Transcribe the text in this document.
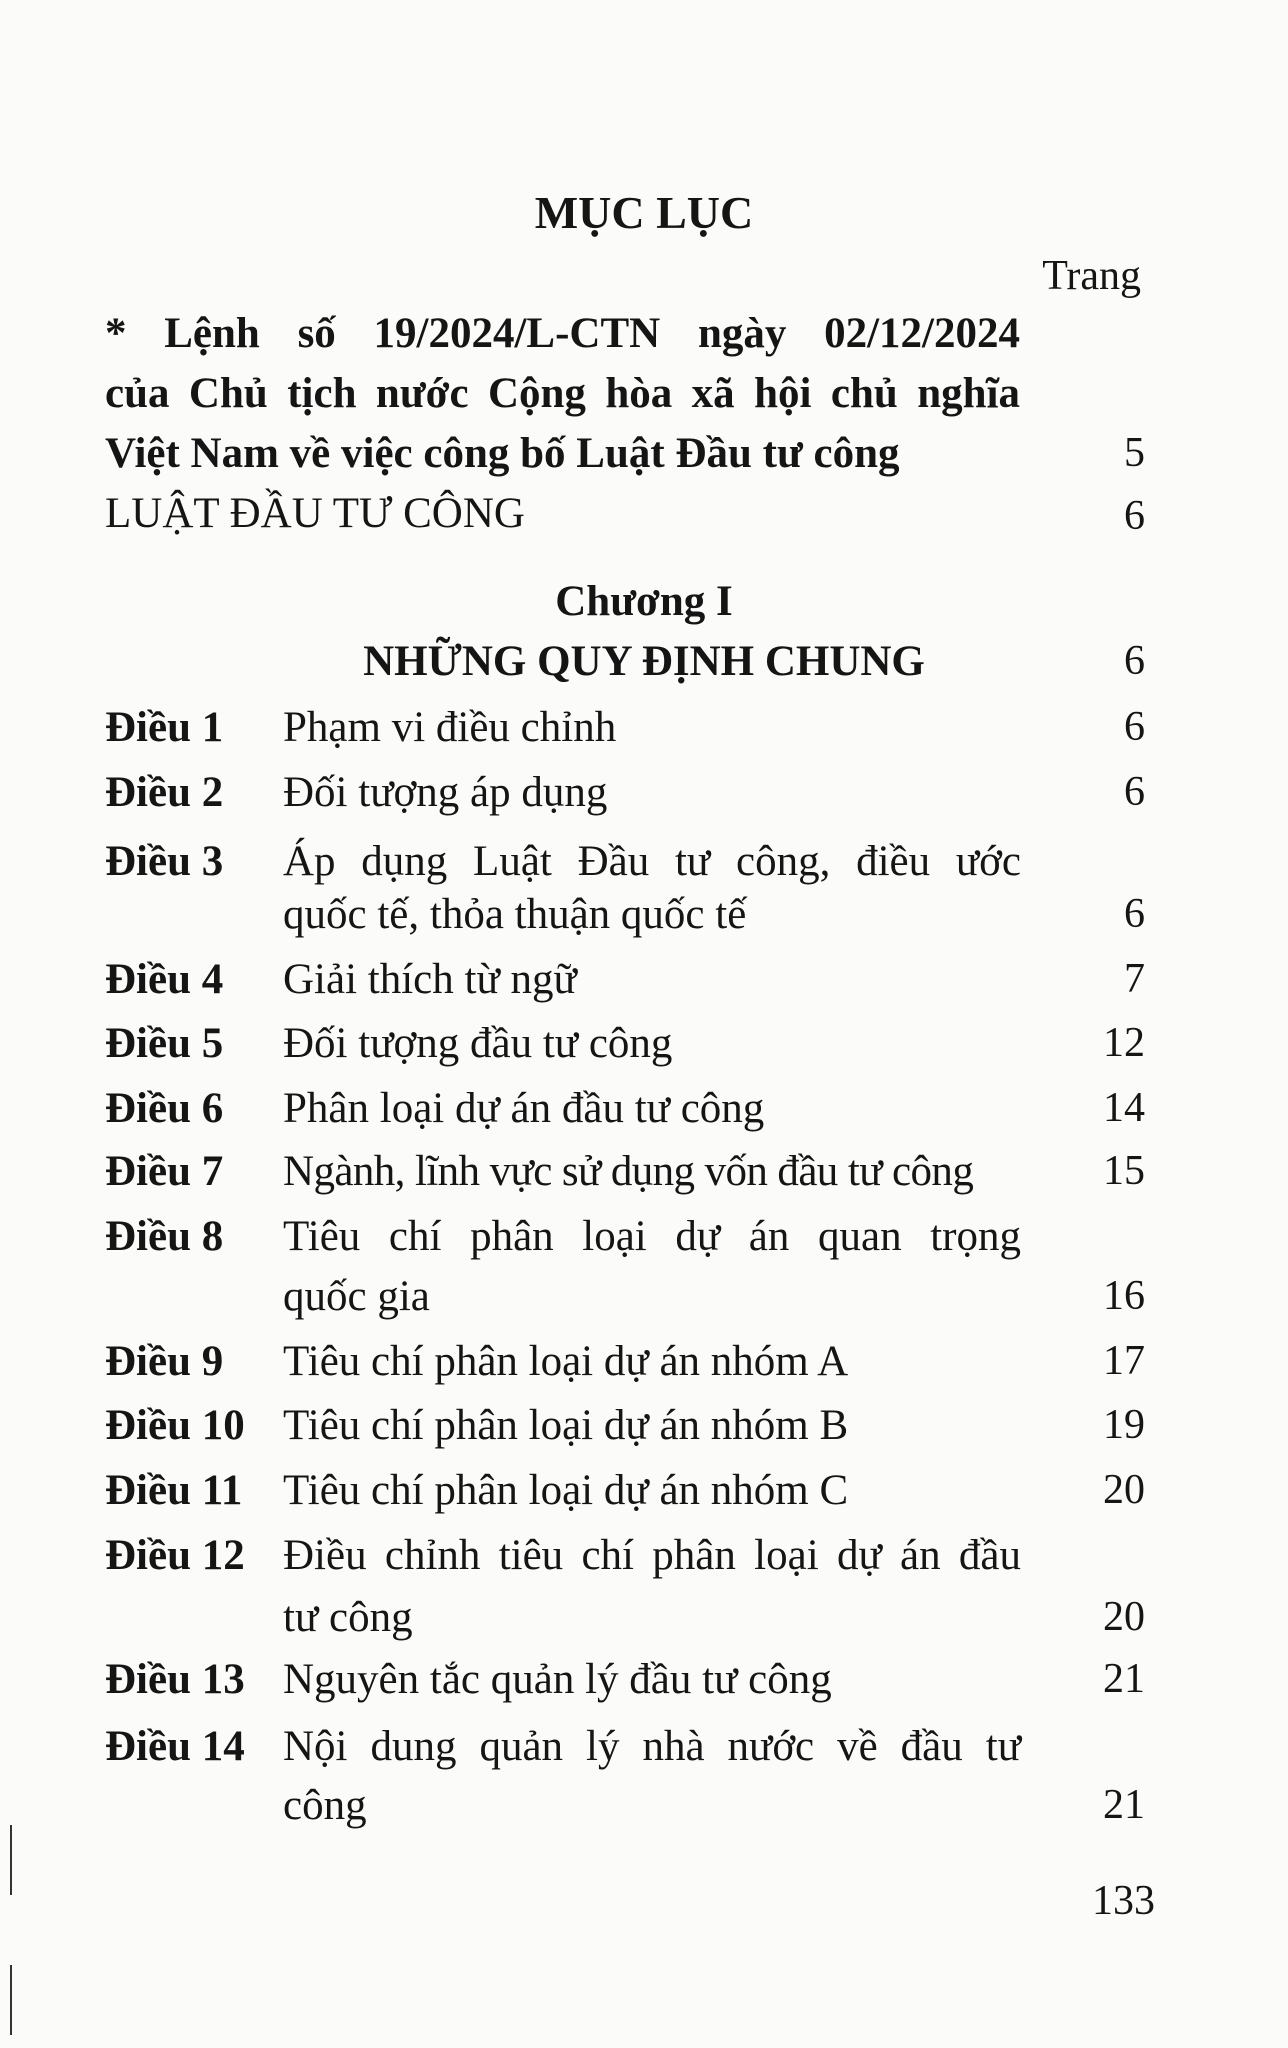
MỤC LỤC
Trang
* Lệnh số 19/2024/L-CTN ngày 02/12/2024
của Chủ tịch nước Cộng hòa xã hội chủ nghĩa
Việt Nam về việc công bố Luật Đầu tư công	5
LUẬT ĐẦU TƯ CÔNG	6
Chương I
NHỮNG QUY ĐỊNH CHUNG	6
Điều 1 Phạm vi điều chỉnh	6
Điều 2 Đối tượng áp dụng	6
Điều 3 Áp dụng Luật Đầu tư công, điều ước
quốc tế, thỏa thuận quốc tế	6
Điều 4 Giải thích từ ngữ	7
Điều 5 Đối tượng đầu tư công	12
Điều 6 Phân loại dự án đầu tư công	14
Điều 7 Ngành, lĩnh vực sử dụng vốn đầu tư công	15
Điều 8 Tiêu chí phân loại dự án quan trọng
quốc gia	16
Điều 9 Tiêu chí phân loại dự án nhóm A	17
Điều 10 Tiêu chí phân loại dự án nhóm B	19
Điều 11 Tiêu chí phân loại dự án nhóm C	20
Điều 12 Điều chỉnh tiêu chí phân loại dự án đầu
tư công	20
Điều 13 Nguyên tắc quản lý đầu tư công	21
Điều 14 Nội dung quản lý nhà nước về đầu tư
công	21
133
